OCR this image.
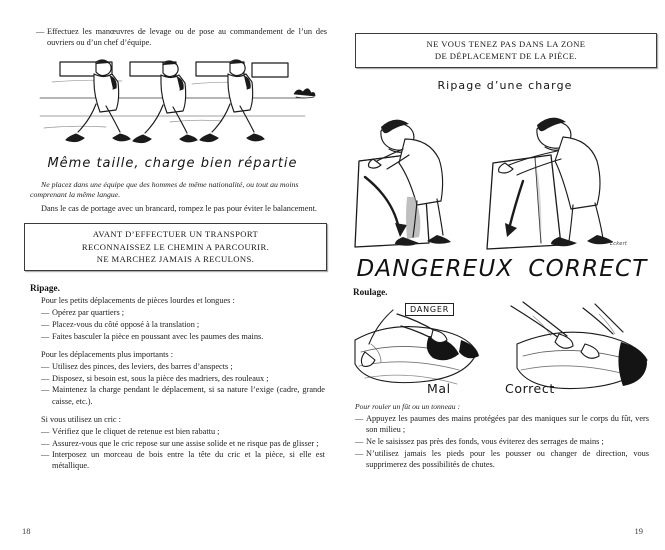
— Effectuez les manœuvres de levage ou de pose au commandement de l’un des ouvriers ou d’un chef d’équipe.
Même taille, charge bien répartie

Ne placez dans une équipe que des hommes de même nationalité, ou tout au moins comprenant la même langue.

Dans le cas de portage avec un brancard, rompez le pas pour éviter le balancement.

AVANT D’EFFECTUER UN TRANSPORT
RECONNAISSEZ LE CHEMIN A PARCOURIR.
NE MARCHEZ JAMAIS A RECULONS.
Ripage.

Pour les petits déplacements de pièces lourdes et longues :

— Opérez par quartiers ;
— Placez-vous du côté opposé à la translation ;
— Faites basculer la pièce en poussant avec les paumes des mains.

Pour les déplacements plus importants :

— Utilisez des pinces, des leviers, des barres d’anspects ;
— Disposez, si besoin est, sous la pièce des madriers, des rouleaux ;
— Maintenez la charge pendant le déplacement, si sa nature l’exige (cadre, grande caisse, etc.).

Si vous utilisez un cric :

— Vérifiez que le cliquet de retenue est bien rabattu ;
— Assurez-vous que le cric repose sur une assise solide et ne risque pas de glisser ;
— Interposez un morceau de bois entre la tête du cric et la pièce, si elle est métallique.
18
NE VOUS TENEZ PAS DANS LA ZONE
DE DÉPLACEMENT DE LA PIÈCE.
Ripage d’une charge
Eckert
DANGEREUX CORRECT
Roulage.
DANGER
Mal	Correct

Pour rouler un fût ou un tonneau :

— Appuyez les paumes des mains protégées par des maniques sur le corps du fût, vers son milieu ;
— Ne le saisissez pas près des fonds, vous éviterez des serrages de mains ;
— N’utilisez jamais les pieds pour les pousser ou changer de direction, vous supprimerez des possibilités de chutes.
19
